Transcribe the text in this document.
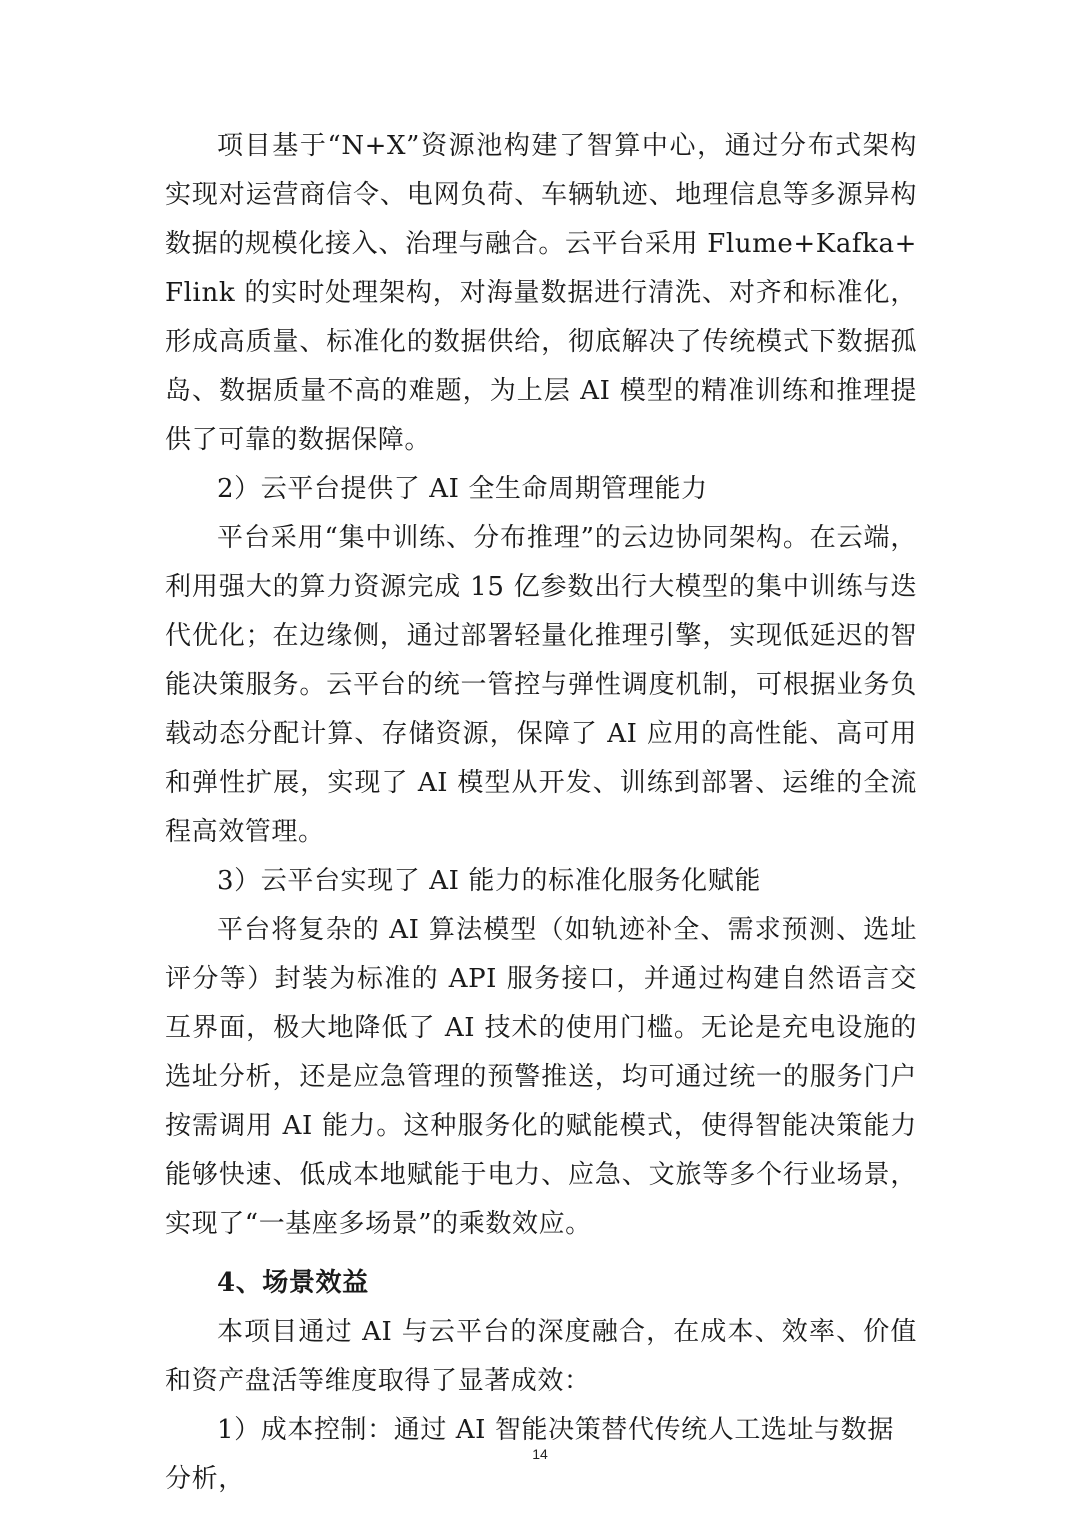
项目基于“N+X”资源池构建了智算中心，通过分布式架构实现对运营商信令、电网负荷、车辆轨迹、地理信息等多源异构数据的规模化接入、治理与融合。云平台采用 Flume+Kafka+Flink 的实时处理架构，对海量数据进行清洗、对齐和标准化，形成高质量、标准化的数据供给，彻底解决了传统模式下数据孤岛、数据质量不高的难题，为上层 AI 模型的精准训练和推理提供了可靠的数据保障。

2）云平台提供了 AI 全生命周期管理能力

平台采用“集中训练、分布推理”的云边协同架构。在云端，利用强大的算力资源完成 15 亿参数出行大模型的集中训练与迭代优化；在边缘侧，通过部署轻量化推理引擎，实现低延迟的智能决策服务。云平台的统一管控与弹性调度机制，可根据业务负载动态分配计算、存储资源，保障了 AI 应用的高性能、高可用和弹性扩展，实现了 AI 模型从开发、训练到部署、运维的全流程高效管理。

3）云平台实现了 AI 能力的标准化服务化赋能

平台将复杂的 AI 算法模型（如轨迹补全、需求预测、选址评分等）封装为标准的 API 服务接口，并通过构建自然语言交互界面，极大地降低了 AI 技术的使用门槛。无论是充电设施的选址分析，还是应急管理的预警推送，均可通过统一的服务门户按需调用 AI 能力。这种服务化的赋能模式，使得智能决策能力能够快速、低成本地赋能于电力、应急、文旅等多个行业场景，实现了“一基座多场景”的乘数效应。

4、场景效益

本项目通过 AI 与云平台的深度融合，在成本、效率、价值和资产盘活等维度取得了显著成效：

1）成本控制：通过 AI 智能决策替代传统人工选址与数据分析，

14
